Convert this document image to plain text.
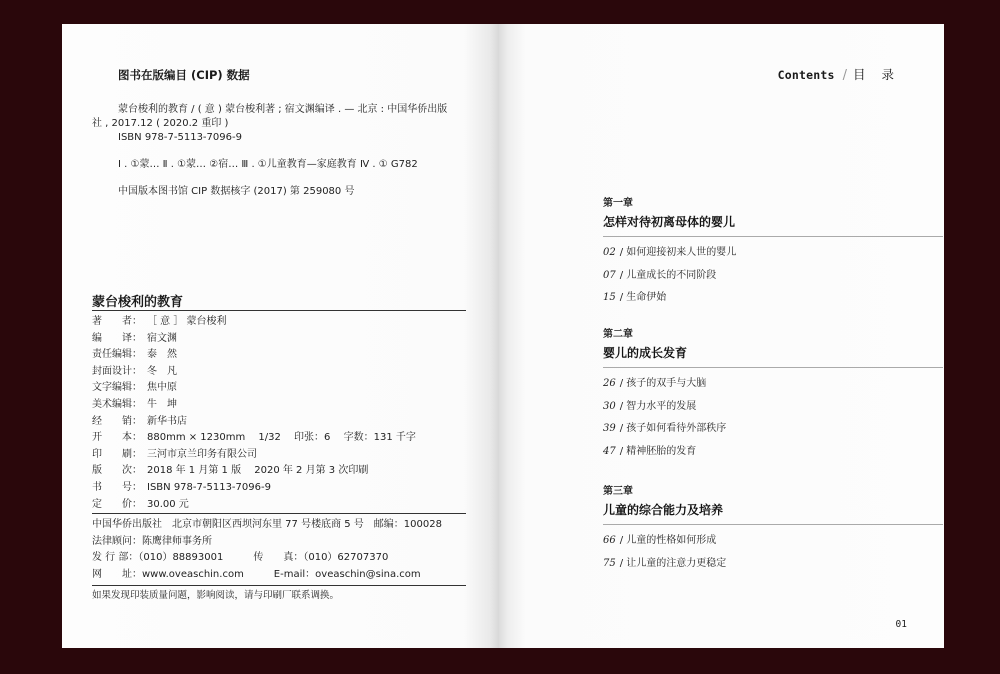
图书在版编目 (CIP) 数据
蒙台梭利的教育 / ( 意 ) 蒙台梭利著 ; 宿文渊编译 . — 北京 : 中国华侨出版
社 , 2017.12 ( 2020.2 重印 )
ISBN 978-7-5113-7096-9
Ⅰ . ①蒙… Ⅱ . ①蒙… ②宿… Ⅲ . ①儿童教育—家庭教育 Ⅳ . ① G782
中国版本图书馆 CIP 数据核字 (2017) 第 259080 号
蒙台梭利的教育
著　　者： ［ 意 ］ 蒙台梭利
编　　译： 宿文渊
责任编辑： 泰　然
封面设计： 冬　凡
文字编辑： 焦中原
美术编辑： 牛　坤
经　　销： 新华书店
开　　本： 880mm × 1230mm　 1/32　 印张：6　 字数：131 千字
印　　刷： 三河市京兰印务有限公司
版　　次： 2018 年 1 月第 1 版　 2020 年 2 月第 3 次印刷
书　　号： ISBN 978-7-5113-7096-9
定　　价： 30.00 元
中国华侨出版社　北京市朝阳区西坝河东里 77 号楼底商 5 号　邮编：100028
法律顾问：陈鹰律师事务所
发 行 部：（010）88893001　　　传　　真：（010）62707370
网　　址：www.oveaschin.com　　　E-mail：oveaschin@sina.com
如果发现印装质量问题，影响阅读，请与印刷厂联系调换。
Contents / 目 录
第一章
怎样对待初离母体的婴儿
02 / 如何迎接初来人世的婴儿
07 / 儿童成长的不同阶段
15 / 生命伊始
第二章
婴儿的成长发育
26 / 孩子的双手与大脑
30 / 智力水平的发展
39 / 孩子如何看待外部秩序
47 / 精神胚胎的发育
第三章
儿童的综合能力及培养
66 / 儿童的性格如何形成
75 / 让儿童的注意力更稳定
01
